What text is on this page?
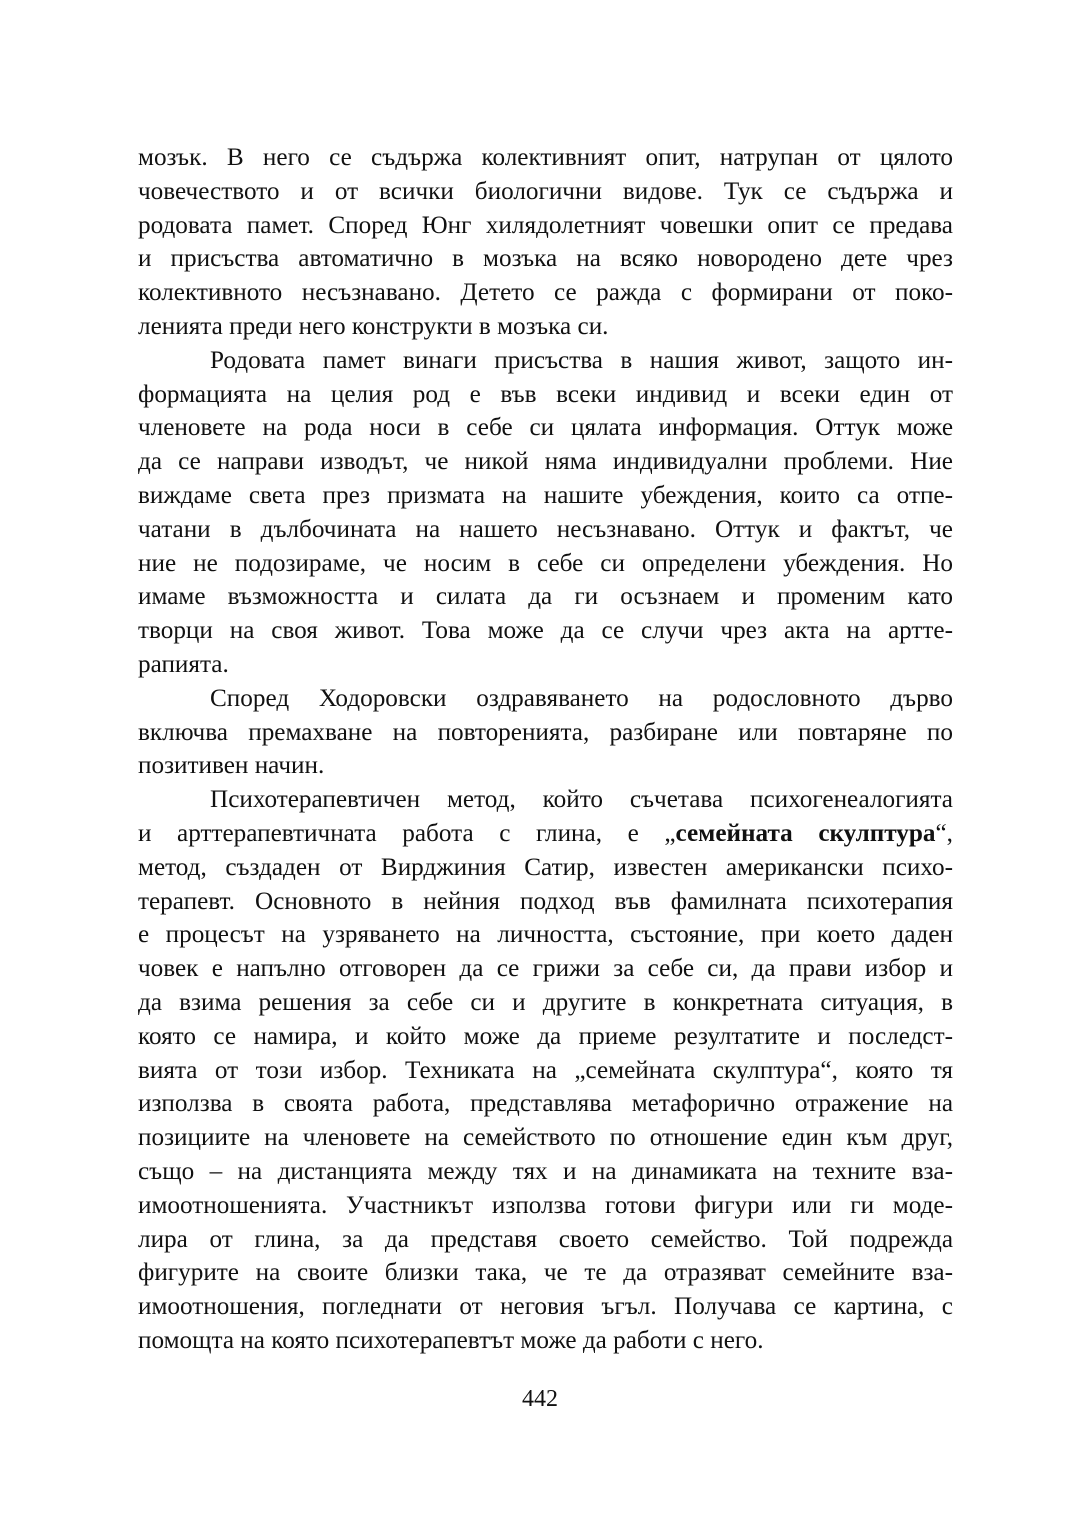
мозък. В него се съдържа колективният опит, натрупан от цялото
човечеството и от всички биологични видове. Тук се съдържа и
родовата памет. Според Юнг хилядолетният човешки опит се предава
и присъства автоматично в мозъка на всяко новородено дете чрез
колективното несъзнавано. Детето се ражда с формирани от поко-
ленията преди него конструкти в мозъка си.
Родовата памет винаги присъства в нашия живот, защото ин-
формацията на целия род е във всеки индивид и всеки един от
членовете на рода носи в себе си цялата информация. Оттук може
да се направи изводът, че никой няма индивидуални проблеми. Ние
виждаме света през призмата на нашите убеждения, които са отпе-
чатани в дълбочината на нашето несъзнавано. Оттук и фактът, че
ние не подозираме, че носим в себе си определени убеждения. Но
имаме възможността и силата да ги осъзнаем и променим като
творци на своя живот. Това може да се случи чрез акта на арттe-
рапията.
Според Ходоровски оздравяването на родословното дърво
включва премахване на повторенията, разбиране или повтаряне по
позитивен начин.
Психотерапевтичен метод, който съчетава психогенеалогията
и арттерапевтичната работа с глина, е „семейната скулптура“,
метод, създаден от Вирджиния Сатир, известен американски психо-
терапевт. Основното в нейния подход във фамилната психотерапия
е процесът на узряването на личността, състояние, при което даден
човек е напълно отговорен да се грижи за себе си, да прави избор и
да взима решения за себе си и другите в конкретната ситуация, в
която се намира, и който може да приеме резултатите и последст-
вията от този избор. Техниката на „семейната скулптура“, която тя
използва в своята работа, представлява метафорично отражение на
позициите на членовете на семейството по отношение един към друг,
също – на дистанцията между тях и на динамиката на техните вза-
имоотношенията. Участникът използва готови фигури или ги моде-
лира от глина, за да представя своето семейство. Той подрежда
фигурите на своите близки така, че те да отразяват семейните вза-
имоотношения, погледнати от неговия ъгъл. Получава се картина, с
помощта на която психотерапевтът може да работи с него.
442
